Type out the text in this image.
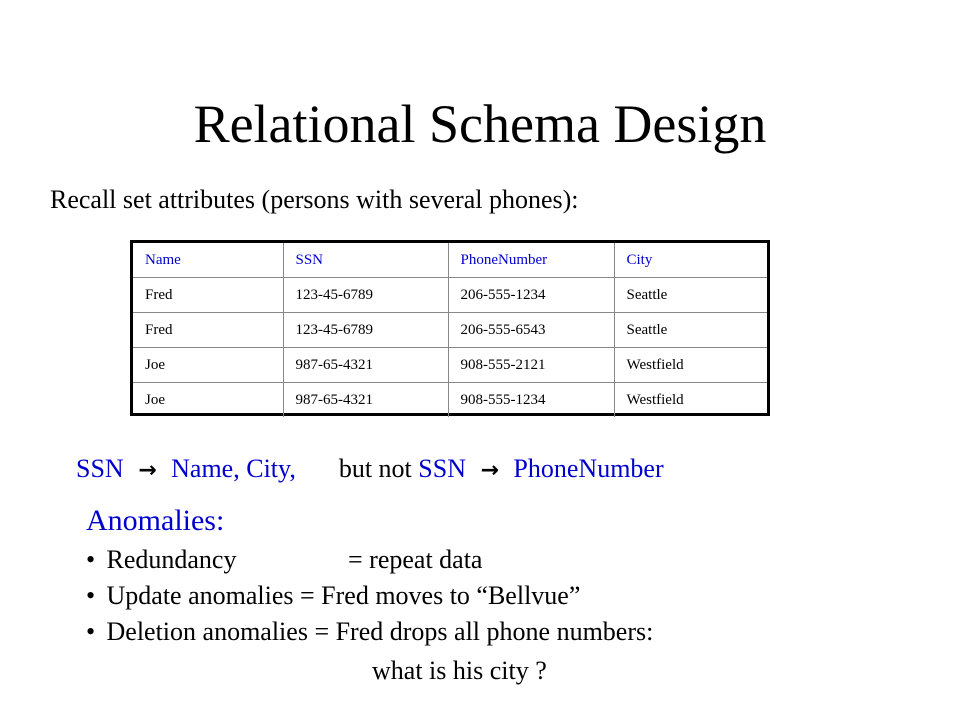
Relational Schema Design
Recall set attributes (persons with several phones):
Name	SSN	PhoneNumber	City
Fred	123-45-6789	206-555-1234	Seattle
Fred	123-45-6789	206-555-6543	Seattle
Joe	987-65-4321	908-555-2121	Westfield
Joe	987-65-4321	908-555-1234	Westfield
SSN → Name, City, but not SSN → PhoneNumber
Anomalies:
• Redundancy	= repeat data
• Update anomalies = Fred moves to “Bellvue”
• Deletion anomalies = Fred drops all phone numbers:
what is his city ?
